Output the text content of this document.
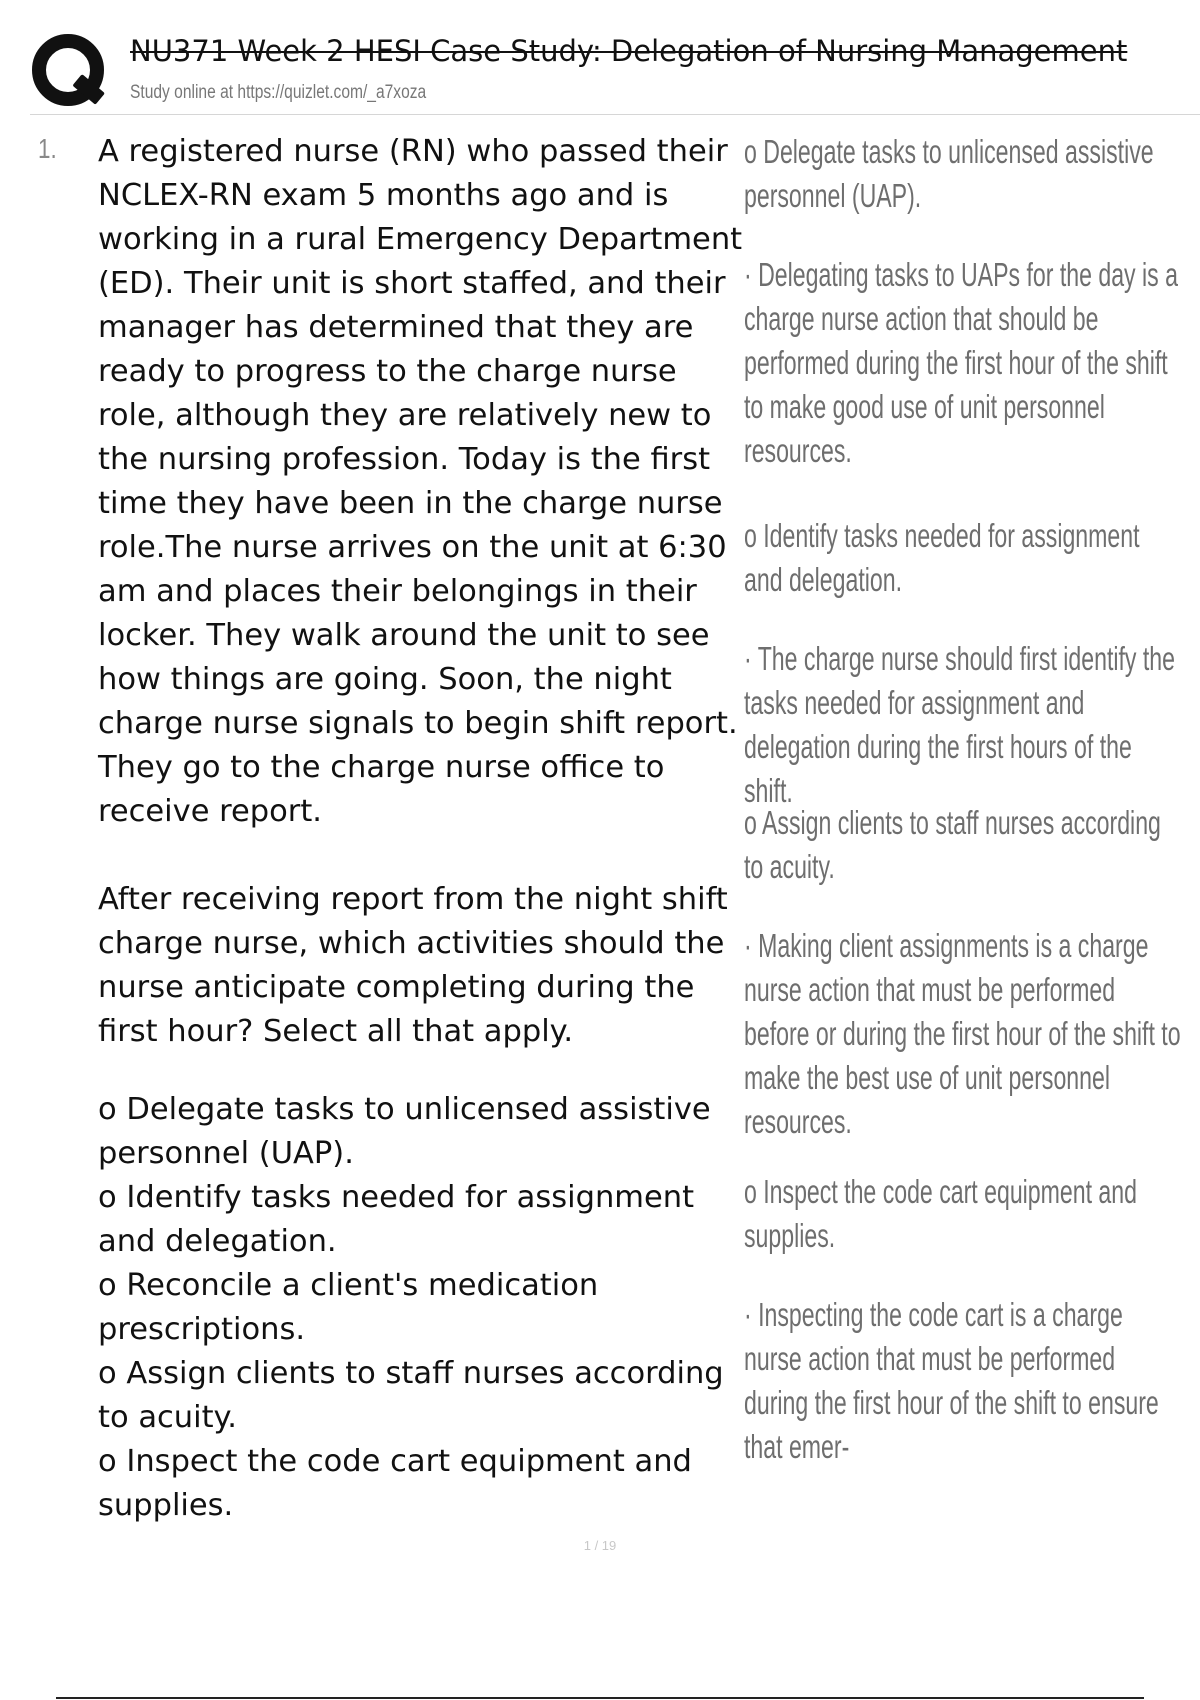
NU371 Week 2 HESI Case Study: Delegation of Nursing Management
Study online at https://quizlet.com/_a7xoza
1. A registered nurse (RN) who passed their NCLEX-RN exam 5 months ago and is working in a rural Emergency Department (ED). Their unit is short staffed, and their manager has determined that they are ready to progress to the charge nurse role, although they are relatively new to the nursing profession. Today is the first time they have been in the charge nurse role.The nurse arrives on the unit at 6:30 am and places their belongings in their locker. They walk around the unit to see how things are going. Soon, the night charge nurse signals to begin shift report. They go to the charge nurse office to receive report.

After receiving report from the night shift charge nurse, which activities should the nurse anticipate completing during the first hour? Select all that apply.

o Delegate tasks to unlicensed assistive personnel (UAP).

o Identify tasks needed for assignment and delegation.

o Reconcile a client's medication prescriptions.

o Assign clients to staff nurses according to acuity.

o Inspect the code cart equipment and supplies.

o Delegate tasks to unlicensed assistive personnel (UAP).
· Delegating tasks to UAPs for the day is a charge nurse action that should be performed during the first hour of the shift to make good use of unit personnel resources.
o Identify tasks needed for assignment and delegation.
· The charge nurse should first identify the tasks needed for assignment and delegation during the first hours of the shift.
o Assign clients to staff nurses according to acuity.
· Making client assignments is a charge nurse action that must be performed before or during the first hour of the shift to make the best use of unit personnel resources.
o Inspect the code cart equipment and supplies.
· Inspecting the code cart is a charge nurse action that must be performed during the first hour of the shift to ensure that emer-
1 / 19
